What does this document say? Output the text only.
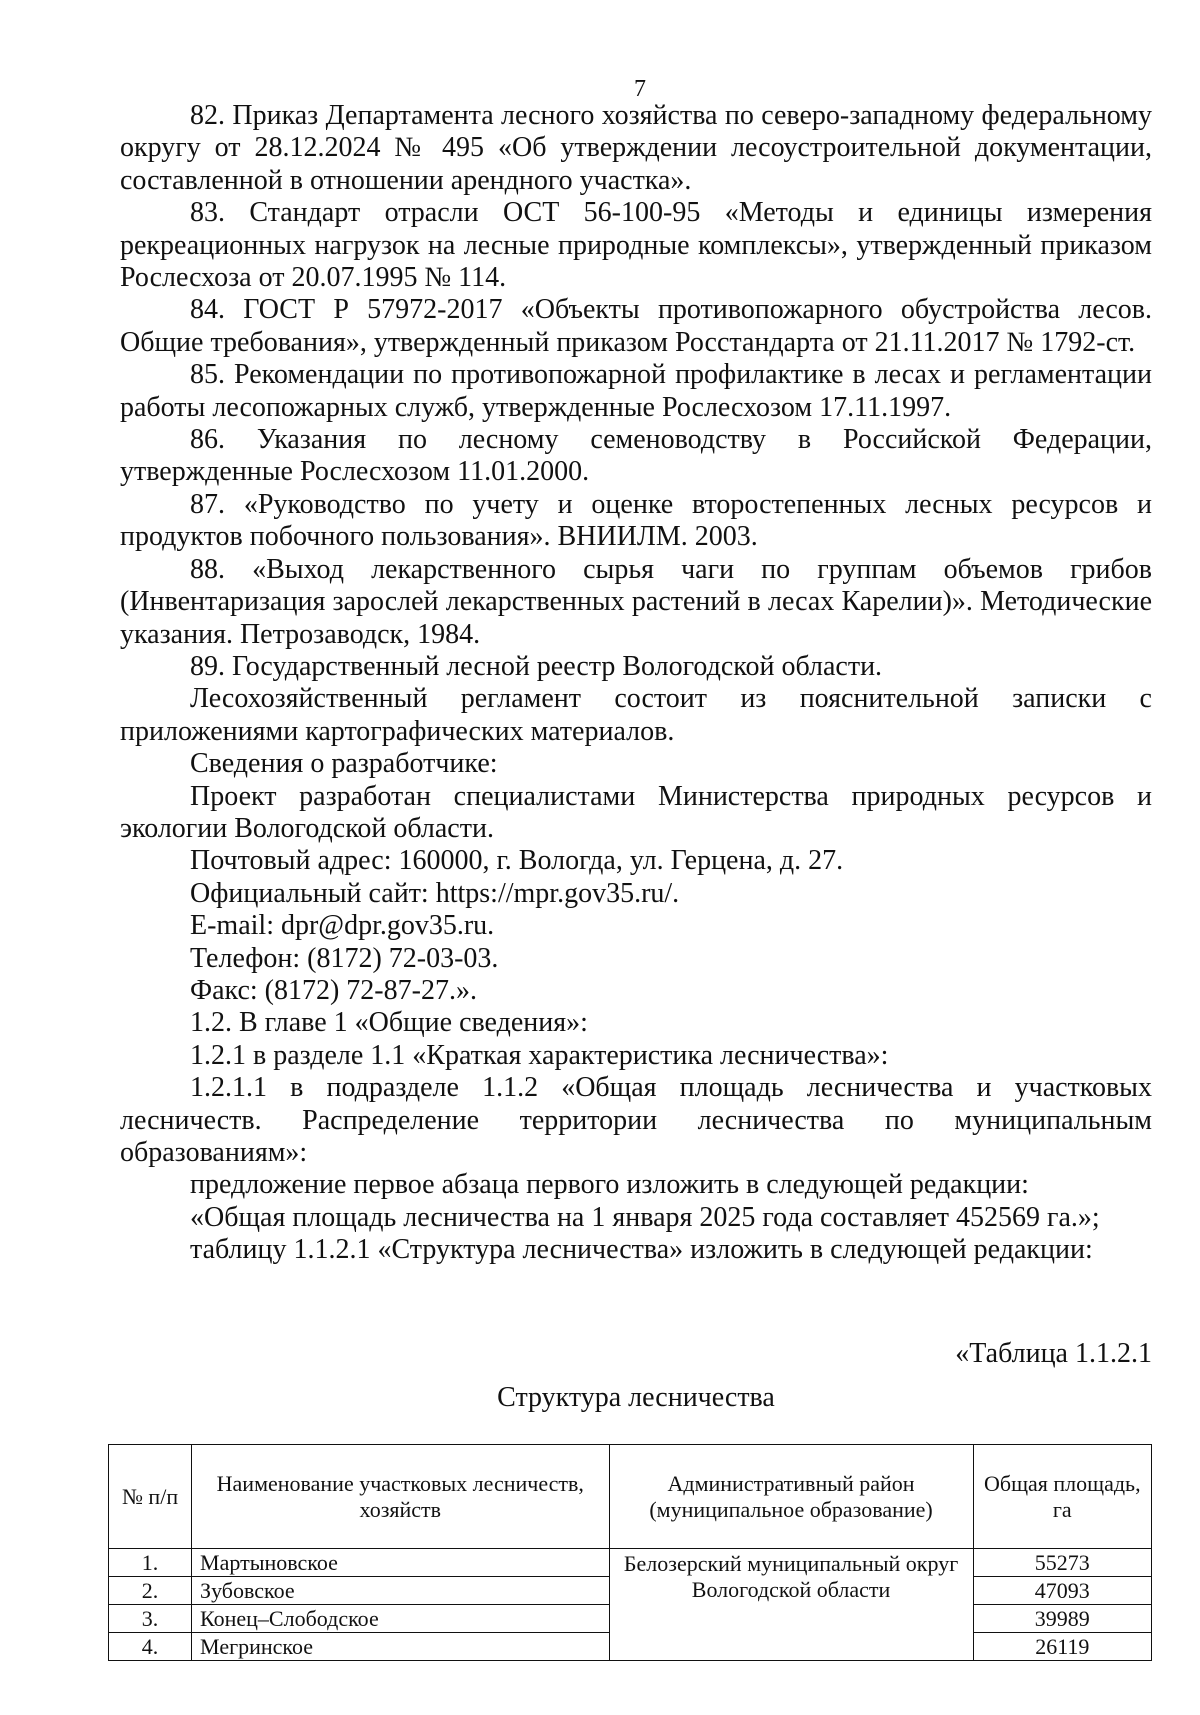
7

82. Приказ Департамента лесного хозяйства по северо-западному федеральному округу от 28.12.2024 № 495 «Об утверждении лесоустроительной документации, составленной в отношении арендного участка».

83. Стандарт отрасли ОСТ 56-100-95 «Методы и единицы измерения рекреационных нагрузок на лесные природные комплексы», утвержденный приказом Рослесхоза от 20.07.1995 № 114.

84. ГОСТ Р 57972-2017 «Объекты противопожарного обустройства лесов. Общие требования», утвержденный приказом Росстандарта от 21.11.2017 № 1792-ст.

85. Рекомендации по противопожарной профилактике в лесах и регламентации работы лесопожарных служб, утвержденные Рослесхозом 17.11.1997.

86. Указания по лесному семеноводству в Российской Федерации, утвержденные Рослесхозом 11.01.2000.

87. «Руководство по учету и оценке второстепенных лесных ресурсов и продуктов побочного пользования». ВНИИЛМ. 2003.

88. «Выход лекарственного сырья чаги по группам объемов грибов (Инвентаризация зарослей лекарственных растений в лесах Карелии)». Методические указания. Петрозаводск, 1984.

89. Государственный лесной реестр Вологодской области.

Лесохозяйственный регламент состоит из пояснительной записки с приложениями картографических материалов.

Сведения о разработчике:

Проект разработан специалистами Министерства природных ресурсов и экологии Вологодской области.

Почтовый адрес: 160000, г. Вологда, ул. Герцена, д. 27.

Официальный сайт: https://mpr.gov35.ru/.

E-mail: dpr@dpr.gov35.ru.

Телефон: (8172) 72-03-03.

Факс: (8172) 72-87-27.».

1.2. В главе 1 «Общие сведения»:

1.2.1 в разделе 1.1 «Краткая характеристика лесничества»:

1.2.1.1 в подразделе 1.1.2 «Общая площадь лесничества и участковых лесничеств. Распределение территории лесничества по муниципальным образованиям»:

предложение первое абзаца первого изложить в следующей редакции:

«Общая площадь лесничества на 1 января 2025 года составляет 452569 га.»;

таблицу 1.1.2.1 «Структура лесничества» изложить в следующей редакции:

«Таблица 1.1.2.1
Структура лесничества
№ п/п	Наименование участковых лесничеств, хозяйств	Административный район (муниципальное образование)	Общая площадь, га
1.	Мартыновское	Белозерский муниципальный округ Вологодской области	55273
2.	Зубовское		47093
3.	Конец–Слободское		39989
4.	Мегринское		26119
